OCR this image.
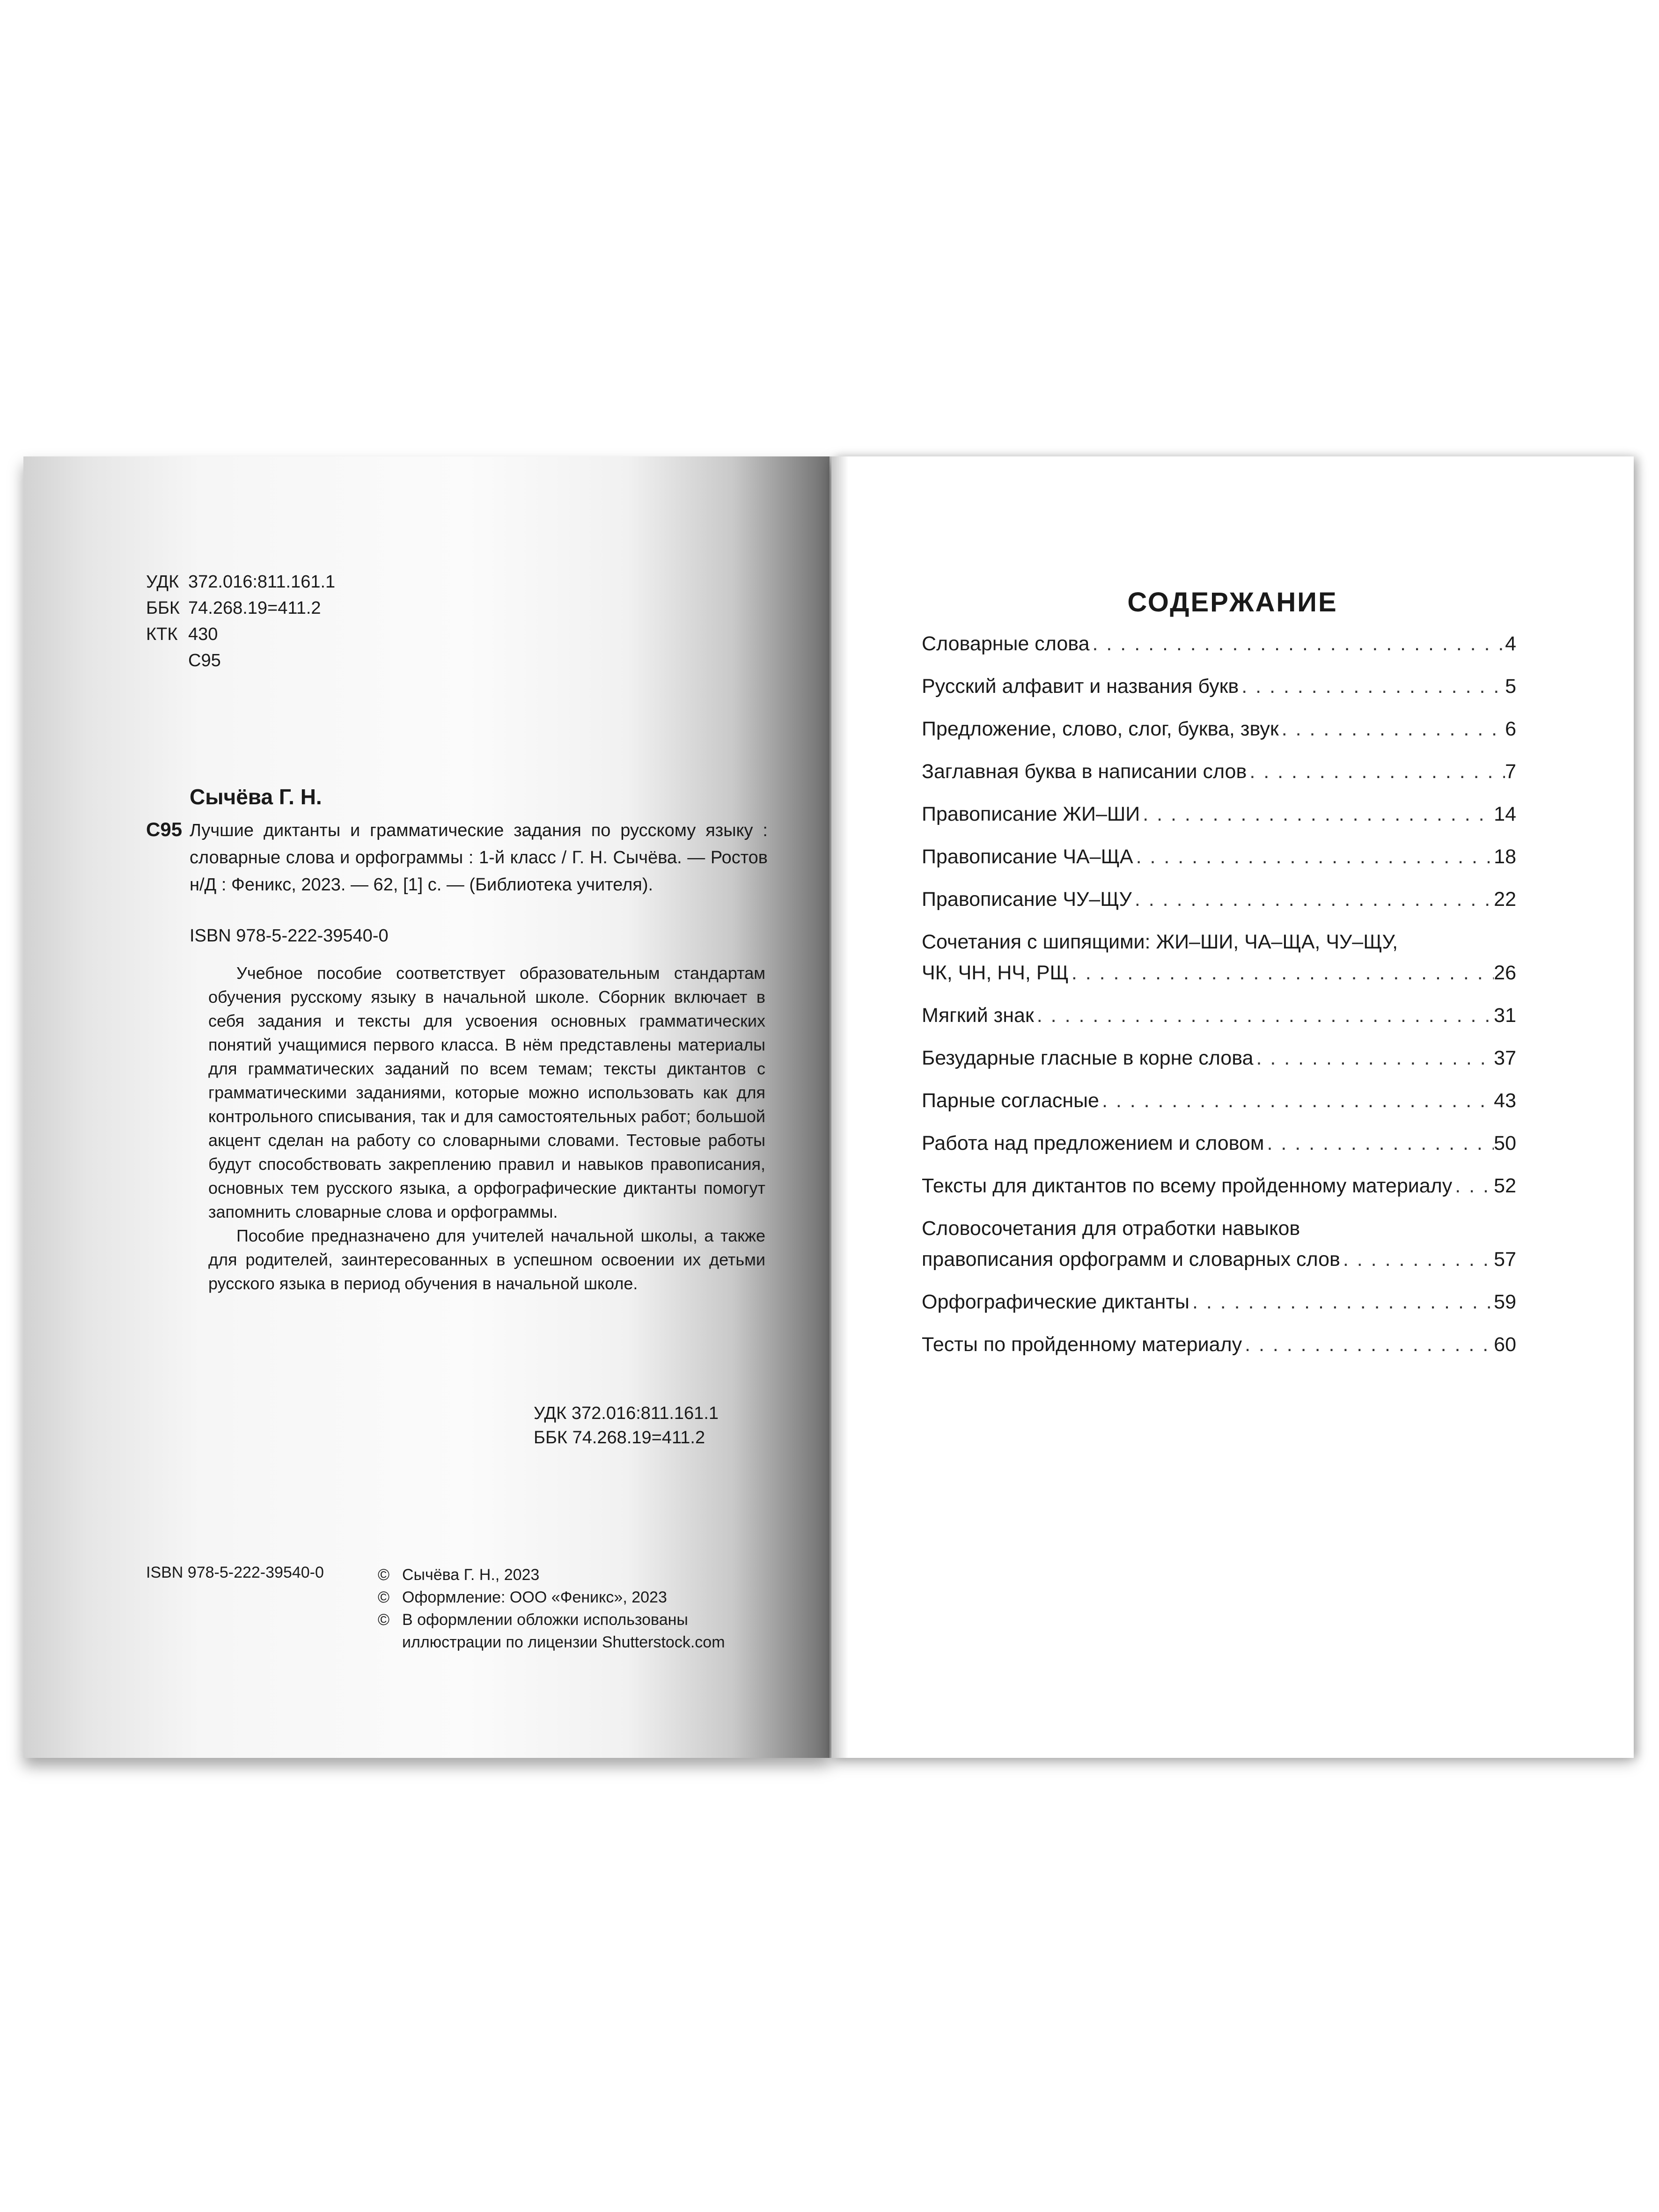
УДК 372.016:811.161.1
ББК 74.268.19=411.2
КТК 430
С95
Сычёва Г. Н.
С95 Лучшие диктанты и грамматические задания по русскому языку : словарные слова и орфограммы : 1-й класс / Г. Н. Сычёва. — Ростов н/Д : Феникс, 2023. — 62, [1] с. — (Библиотека учителя).
ISBN 978-5-222-39540-0

Учебное пособие соответствует образовательным стандартам обучения русскому языку в начальной школе. Сборник включает в себя задания и тексты для усвоения основных грамматических понятий учащимися первого класса. В нём представлены материалы для грамматических заданий по всем темам; тексты диктантов с грамматическими заданиями, которые можно использовать как для контрольного списывания, так и для самостоятельных работ; большой акцент сделан на работу со словарными словами. Тестовые работы будут способствовать закреплению правил и навыков правописания, основных тем русского языка, а орфографические диктанты помогут запомнить словарные слова и орфограммы.

Пособие предназначено для учителей начальной школы, а также для родителей, заинтересованных в успешном освоении их детьми русского языка в период обучения в начальной школе.

УДК 372.016:811.161.1
ББК 74.268.19=411.2
ISBN 978-5-222-39540-0	© Сычёва Г. Н., 2023
© Оформление: ООО «Феникс», 2023
© В оформлении обложки использованы
иллюстрации по лицензии Shutterstock.com
СОДЕРЖАНИЕ
Словарные слова . . .	4
Русский алфавит и названия букв . . .	5
Предложение, слово, слог, буква, звук . . .	6
Заглавная буква в написании слов . . .	7
Правописание ЖИ–ШИ . . .	14
Правописание ЧА–ЩА . . .	18
Правописание ЧУ–ЩУ . . .	22
Сочетания с шипящими: ЖИ–ШИ, ЧА–ЩА, ЧУ–ЩУ,
ЧК, ЧН, НЧ, РЩ . . .	26
Мягкий знак . . .	31
Безударные гласные в корне слова . . .	37
Парные согласные . . .	43
Работа над предложением и словом . . .	50
Тексты для диктантов по всему пройденному материалу . . . 52
Словосочетания для отработки навыков
правописания орфограмм и словарных слов . . .	57
Орфографические диктанты . . .	59
Тесты по пройденному материалу . . .	60
